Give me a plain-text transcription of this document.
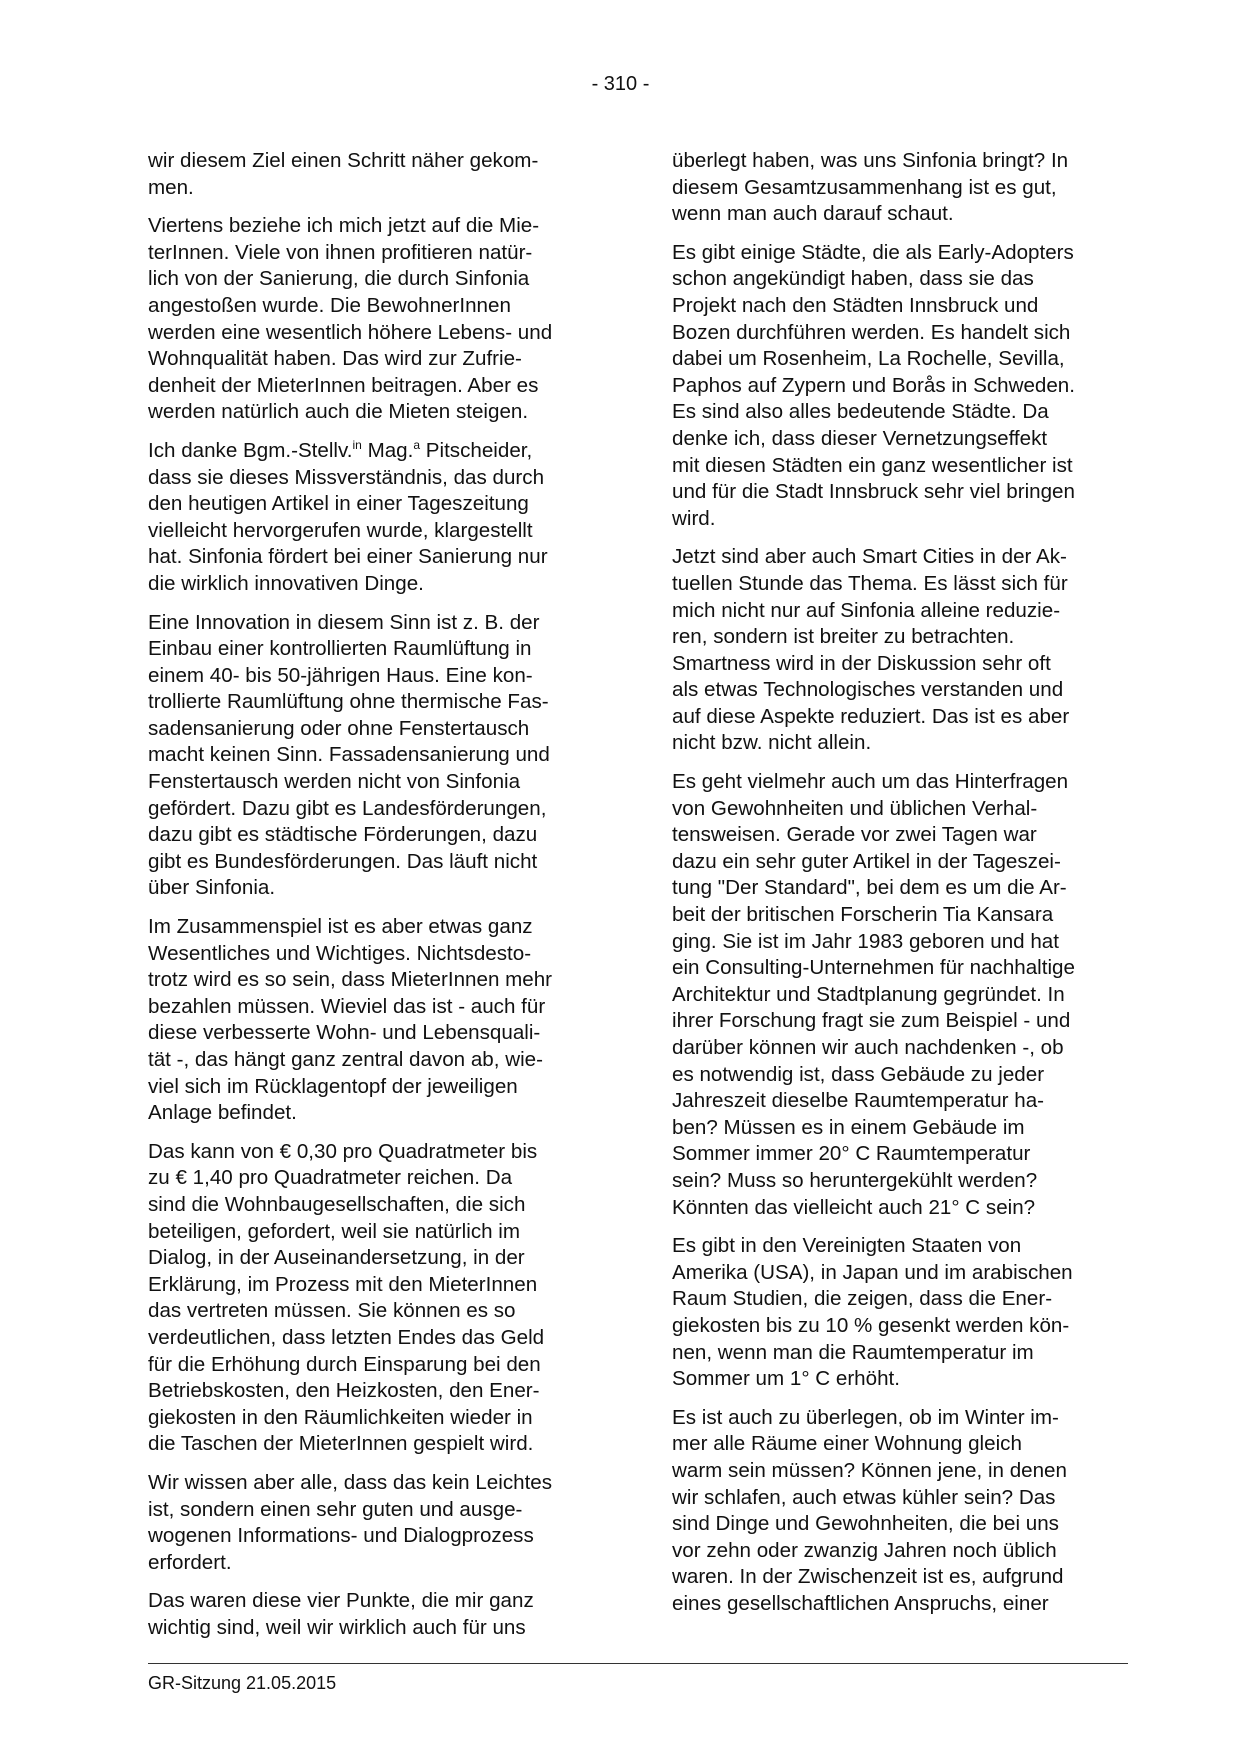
- 310 -

wir diesem Ziel einen Schritt näher gekom-
men.

Viertens beziehe ich mich jetzt auf die Mie-
terInnen. Viele von ihnen profitieren natür-
lich von der Sanierung, die durch Sinfonia
angestoßen wurde. Die BewohnerInnen
werden eine wesentlich höhere Lebens- und
Wohnqualität haben. Das wird zur Zufrie-
denheit der MieterInnen beitragen. Aber es
werden natürlich auch die Mieten steigen.

Ich danke Bgm.-Stellv.$^{in}$ Mag.$^a$ Pitscheider,
dass sie dieses Missverständnis, das durch
den heutigen Artikel in einer Tageszeitung
vielleicht hervorgerufen wurde, klargestellt
hat. Sinfonia fördert bei einer Sanierung nur
die wirklich innovativen Dinge.

Eine Innovation in diesem Sinn ist z. B. der
Einbau einer kontrollierten Raumlüftung in
einem 40- bis 50-jährigen Haus. Eine kon-
trollierte Raumlüftung ohne thermische Fas-
sadensanierung oder ohne Fenstertausch
macht keinen Sinn. Fassadensanierung und
Fenstertausch werden nicht von Sinfonia
gefördert. Dazu gibt es Landesförderungen,
dazu gibt es städtische Förderungen, dazu
gibt es Bundesförderungen. Das läuft nicht
über Sinfonia.

Im Zusammenspiel ist es aber etwas ganz
Wesentliches und Wichtiges. Nichtsdesto-
trotz wird es so sein, dass MieterInnen mehr
bezahlen müssen. Wieviel das ist - auch für
diese verbesserte Wohn- und Lebensquali-
tät -, das hängt ganz zentral davon ab, wie-
viel sich im Rücklagentopf der jeweiligen
Anlage befindet.

Das kann von € 0,30 pro Quadratmeter bis
zu € 1,40 pro Quadratmeter reichen. Da
sind die Wohnbaugesellschaften, die sich
beteiligen, gefordert, weil sie natürlich im
Dialog, in der Auseinandersetzung, in der
Erklärung, im Prozess mit den MieterInnen
das vertreten müssen. Sie können es so
verdeutlichen, dass letzten Endes das Geld
für die Erhöhung durch Einsparung bei den
Betriebskosten, den Heizkosten, den Ener-
giekosten in den Räumlichkeiten wieder in
die Taschen der MieterInnen gespielt wird.

Wir wissen aber alle, dass das kein Leichtes
ist, sondern einen sehr guten und ausge-
wogenen Informations- und Dialogprozess
erfordert.

Das waren diese vier Punkte, die mir ganz
wichtig sind, weil wir wirklich auch für uns

überlegt haben, was uns Sinfonia bringt? In
diesem Gesamtzusammenhang ist es gut,
wenn man auch darauf schaut.

Es gibt einige Städte, die als Early-Adopters
schon angekündigt haben, dass sie das
Projekt nach den Städten Innsbruck und
Bozen durchführen werden. Es handelt sich
dabei um Rosenheim, La Rochelle, Sevilla,
Paphos auf Zypern und Borås in Schweden.
Es sind also alles bedeutende Städte. Da
denke ich, dass dieser Vernetzungseffekt
mit diesen Städten ein ganz wesentlicher ist
und für die Stadt Innsbruck sehr viel bringen
wird.

Jetzt sind aber auch Smart Cities in der Ak-
tuellen Stunde das Thema. Es lässt sich für
mich nicht nur auf Sinfonia alleine reduzie-
ren, sondern ist breiter zu betrachten.
Smartness wird in der Diskussion sehr oft
als etwas Technologisches verstanden und
auf diese Aspekte reduziert. Das ist es aber
nicht bzw. nicht allein.

Es geht vielmehr auch um das Hinterfragen
von Gewohnheiten und üblichen Verhal-
tensweisen. Gerade vor zwei Tagen war
dazu ein sehr guter Artikel in der Tageszei-
tung "Der Standard", bei dem es um die Ar-
beit der britischen Forscherin Tia Kansara
ging. Sie ist im Jahr 1983 geboren und hat
ein Consulting-Unternehmen für nachhaltige
Architektur und Stadtplanung gegründet. In
ihrer Forschung fragt sie zum Beispiel - und
darüber können wir auch nachdenken -, ob
es notwendig ist, dass Gebäude zu jeder
Jahreszeit dieselbe Raumtemperatur ha-
ben? Müssen es in einem Gebäude im
Sommer immer 20° C Raumtemperatur
sein? Muss so heruntergekühlt werden?
Könnten das vielleicht auch 21° C sein?

Es gibt in den Vereinigten Staaten von
Amerika (USA), in Japan und im arabischen
Raum Studien, die zeigen, dass die Ener-
giekosten bis zu 10 % gesenkt werden kön-
nen, wenn man die Raumtemperatur im
Sommer um 1° C erhöht.

Es ist auch zu überlegen, ob im Winter im-
mer alle Räume einer Wohnung gleich
warm sein müssen? Können jene, in denen
wir schlafen, auch etwas kühler sein? Das
sind Dinge und Gewohnheiten, die bei uns
vor zehn oder zwanzig Jahren noch üblich
waren. In der Zwischenzeit ist es, aufgrund
eines gesellschaftlichen Anspruchs, einer

GR-Sitzung 21.05.2015
